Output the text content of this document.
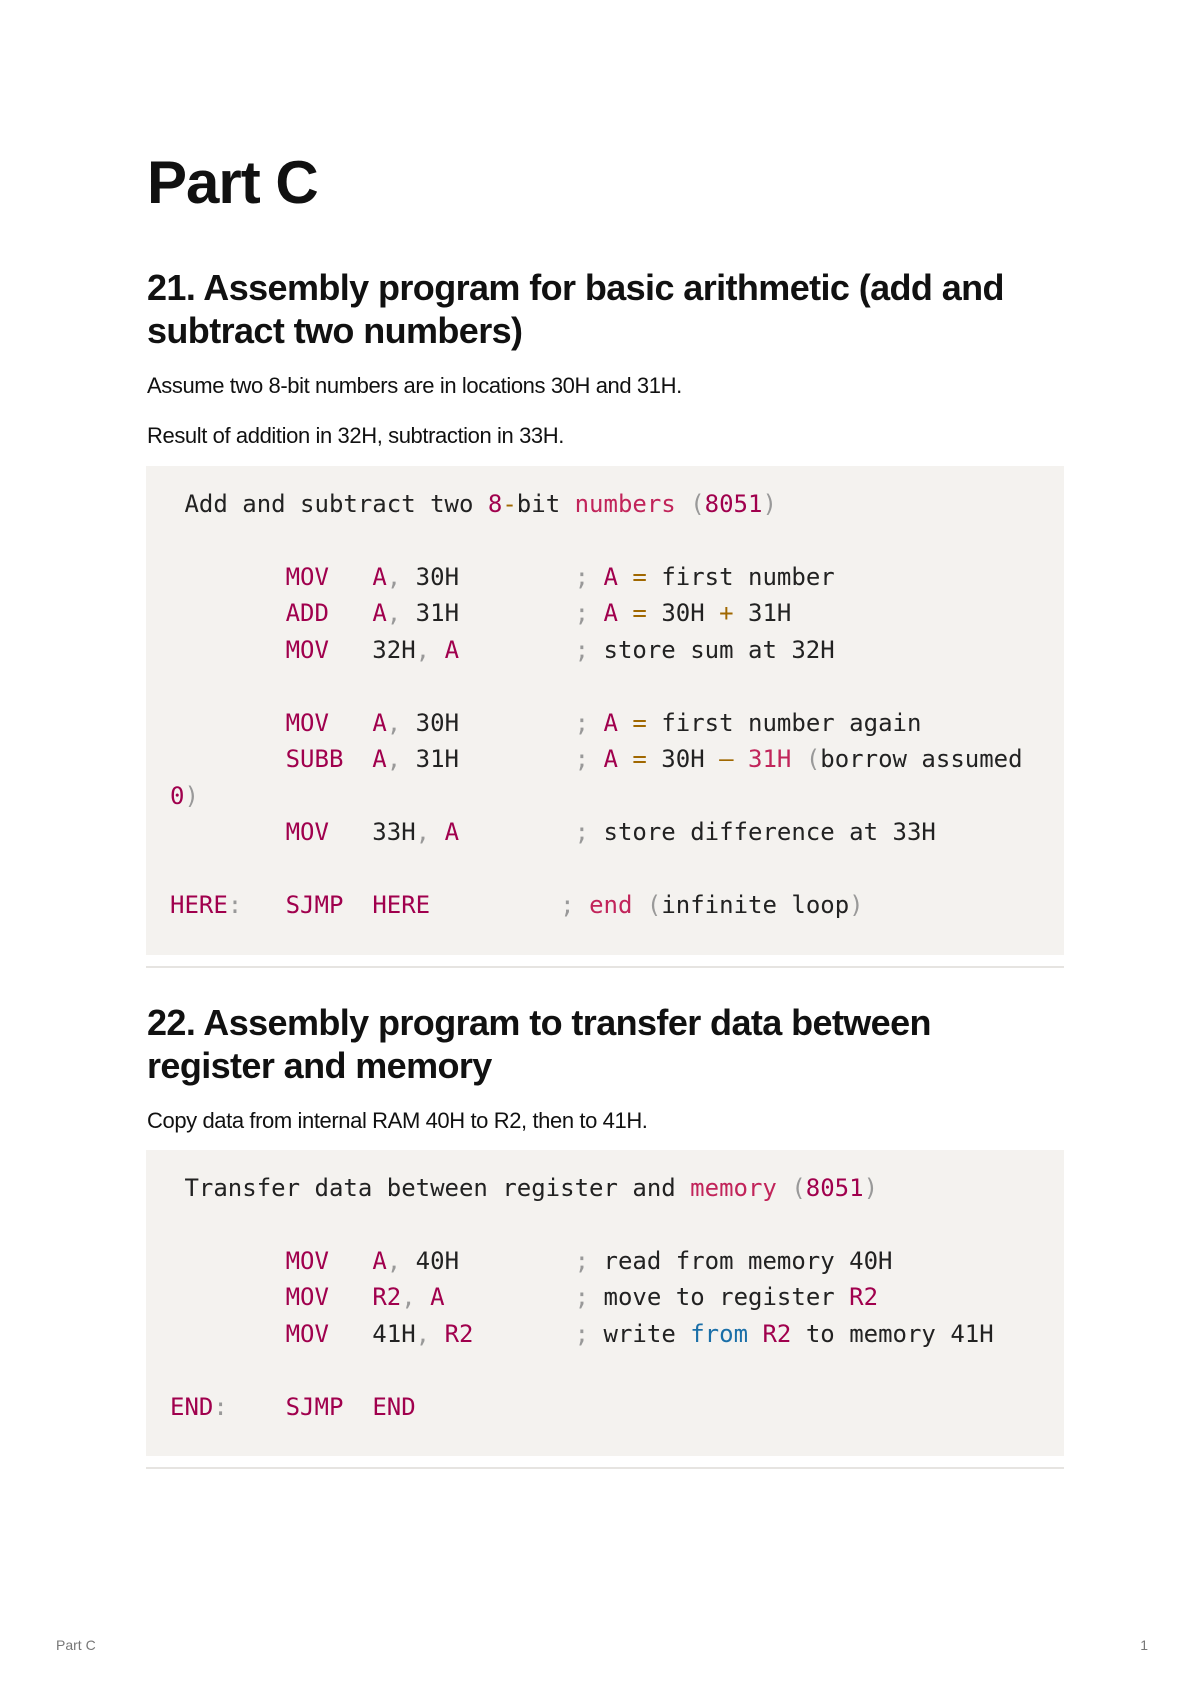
Part C
21. Assembly program for basic arithmetic (add and subtract two numbers)

Assume two 8-bit numbers are in locations 30H and 31H.

Result of addition in 32H, subtraction in 33H.

Add and subtract two 8-bit numbers (8051)
MOV A, 30H        ; A = first number
ADD A, 31H        ; A = 30H + 31H
MOV   32H, A	; store sum at 32H
MOV A, 30H        ; A = first number again
SUBB A, 31H        ; A = 30H – 31H (borrow assumed
0)
MOV   33H, A	; store difference at 33H
HERE: SJMP HERE	; end (infinite loop)
22. Assembly program to transfer data between register and memory

Copy data from internal RAM 40H to R2, then to 41H.

Transfer data between register and memory (8051)
MOV A, 40H        ; read from memory 40H
MOV R2, A	; move to register R2
MOV   41H, R2	; write from R2 to memory 41H
END: SJMP END
Part C	1
